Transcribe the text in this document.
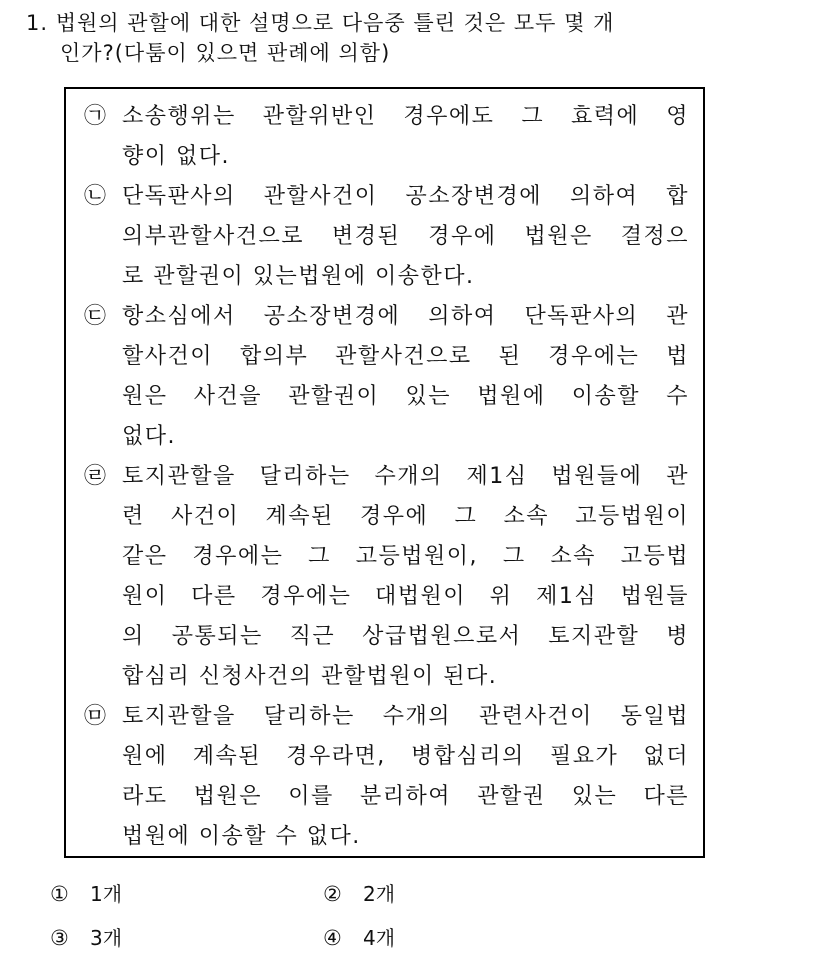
1. 법원의 관할에 대한 설명으로 다음중 틀린 것은 모두 몇 개
인가?(다툼이 있으면 판례에 의함)
㉠ 소송행위는 관할위반인 경우에도 그 효력에 영
향이 없다.
㉡ 단독판사의 관할사건이 공소장변경에 의하여 합
의부관할사건으로 변경된 경우에 법원은 결정으
로 관할권이 있는법원에 이송한다.
㉢ 항소심에서 공소장변경에 의하여 단독판사의 관
할사건이 합의부 관할사건으로 된 경우에는 법
원은 사건을 관할권이 있는 법원에 이송할 수
없다.
㉣ 토지관할을 달리하는 수개의 제1심 법원들에 관
련 사건이 계속된 경우에 그 소속 고등법원이
같은 경우에는 그 고등법원이, 그 소속 고등법
원이 다른 경우에는 대법원이 위 제1심 법원들
의 공통되는 직근 상급법원으로서 토지관할 병
합심리 신청사건의 관할법원이 된다.
㉤ 토지관할을 달리하는 수개의 관련사건이 동일법
원에 계속된 경우라면, 병합심리의 필요가 없더
라도 법원은 이를 분리하여 관할권 있는 다른
법원에 이송할 수 없다.
①	1개	②	2개
③	3개	④	4개
